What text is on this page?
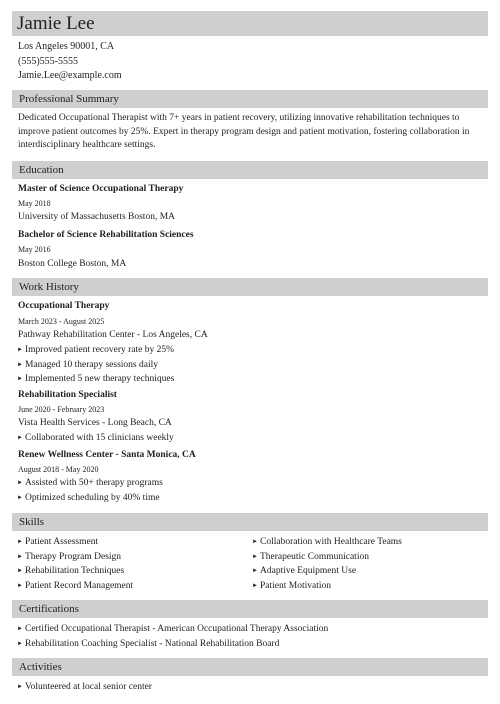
Jamie Lee
Los Angeles 90001, CA
(555)555-5555
Jamie.Lee@example.com
Professional Summary
Dedicated Occupational Therapist with 7+ years in patient recovery, utilizing innovative rehabilitation techniques to improve patient outcomes by 25%. Expert in therapy program design and patient motivation, fostering collaboration in interdisciplinary healthcare settings.
Education
Master of Science Occupational Therapy
May 2018
University of Massachusetts Boston, MA
Bachelor of Science Rehabilitation Sciences
May 2016
Boston College Boston, MA
Work History
Occupational Therapy
March 2023 - August 2025
Pathway Rehabilitation Center - Los Angeles, CA
► Improved patient recovery rate by 25%
► Managed 10 therapy sessions daily
► Implemented 5 new therapy techniques
Rehabilitation Specialist
June 2020 - February 2023
Vista Health Services - Long Beach, CA
► Collaborated with 15 clinicians weekly
Renew Wellness Center - Santa Monica, CA
August 2018 - May 2020
► Assisted with 50+ therapy programs
► Optimized scheduling by 40% time
Skills
► Patient Assessment
► Therapy Program Design
► Rehabilitation Techniques
► Patient Record Management
► Collaboration with Healthcare Teams
► Therapeutic Communication
► Adaptive Equipment Use
► Patient Motivation
Certifications
► Certified Occupational Therapist - American Occupational Therapy Association
► Rehabilitation Coaching Specialist - National Rehabilitation Board
Activities
► Volunteered at local senior center
